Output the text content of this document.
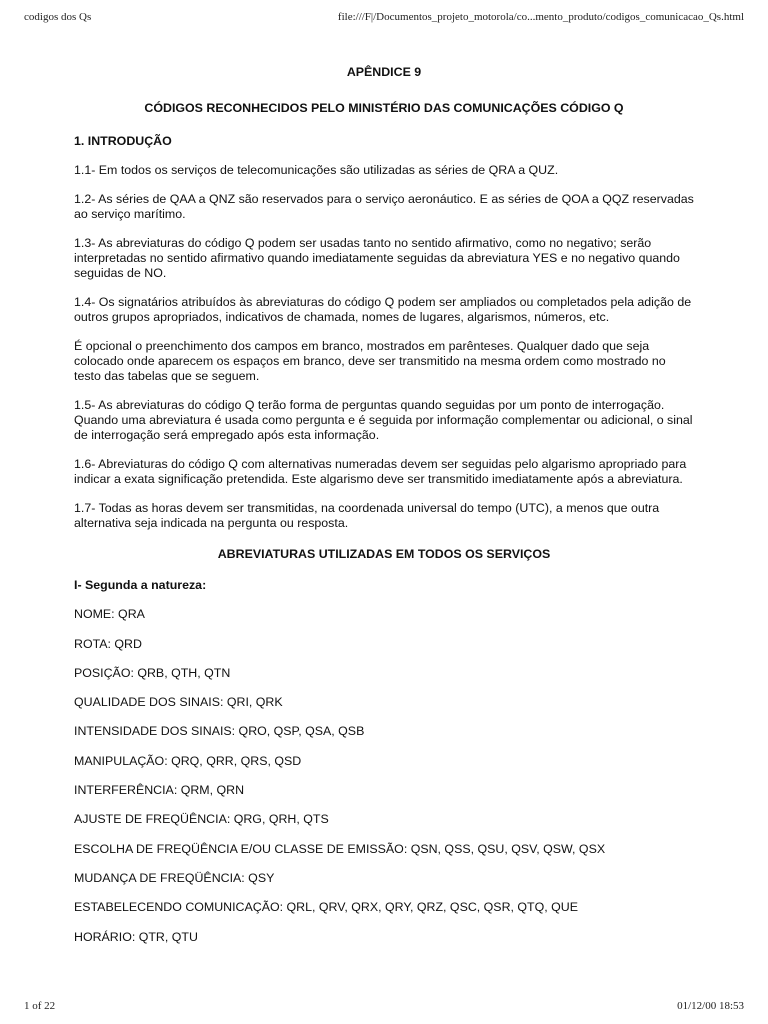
codigos dos Qs	file:///F|/Documentos_projeto_motorola/co...mento_produto/codigos_comunicacao_Qs.html

APÊNDICE 9

CÓDIGOS RECONHECIDOS PELO MINISTÉRIO DAS COMUNICAÇÕES CÓDIGO Q

1. INTRODUÇÃO

1.1- Em todos os serviços de telecomunicações são utilizadas as séries de QRA a QUZ.

1.2- As séries de QAA a QNZ são reservados para o serviço aeronáutico. E as séries de QOA a QQZ reservadas ao serviço marítimo.

1.3- As abreviaturas do código Q podem ser usadas tanto no sentido afirmativo, como no negativo; serão interpretadas no sentido afirmativo quando imediatamente seguidas da abreviatura YES e no negativo quando seguidas de NO.

1.4- Os signatários atribuídos às abreviaturas do código Q podem ser ampliados ou completados pela adição de outros grupos apropriados, indicativos de chamada, nomes de lugares, algarismos, números, etc.

É opcional o preenchimento dos campos em branco, mostrados em parênteses. Qualquer dado que seja colocado onde aparecem os espaços em branco, deve ser transmitido na mesma ordem como mostrado no testo das tabelas que se seguem.

1.5- As abreviaturas do código Q terão forma de perguntas quando seguidas por um ponto de interrogação. Quando uma abreviatura é usada como pergunta e é seguida por informação complementar ou adicional, o sinal de interrogação será empregado após esta informação.

1.6- Abreviaturas do código Q com alternativas numeradas devem ser seguidas pelo algarismo apropriado para indicar a exata significação pretendida. Este algarismo deve ser transmitido imediatamente após a abreviatura.

1.7- Todas as horas devem ser transmitidas, na coordenada universal do tempo (UTC), a menos que outra alternativa seja indicada na pergunta ou resposta.

ABREVIATURAS UTILIZADAS EM TODOS OS SERVIÇOS

I- Segunda a natureza:

NOME: QRA

ROTA: QRD

POSIÇÃO: QRB, QTH, QTN

QUALIDADE DOS SINAIS: QRI, QRK

INTENSIDADE DOS SINAIS: QRO, QSP, QSA, QSB

MANIPULAÇÃO: QRQ, QRR, QRS, QSD

INTERFERÊNCIA: QRM, QRN

AJUSTE DE FREQÜÊNCIA: QRG, QRH, QTS

ESCOLHA DE FREQÜÊNCIA E/OU CLASSE DE EMISSÃO: QSN, QSS, QSU, QSV, QSW, QSX

MUDANÇA DE FREQÜÊNCIA: QSY

ESTABELECENDO COMUNICAÇÃO: QRL, QRV, QRX, QRY, QRZ, QSC, QSR, QTQ, QUE

HORÁRIO: QTR, QTU

1 of 22	01/12/00 18:53
